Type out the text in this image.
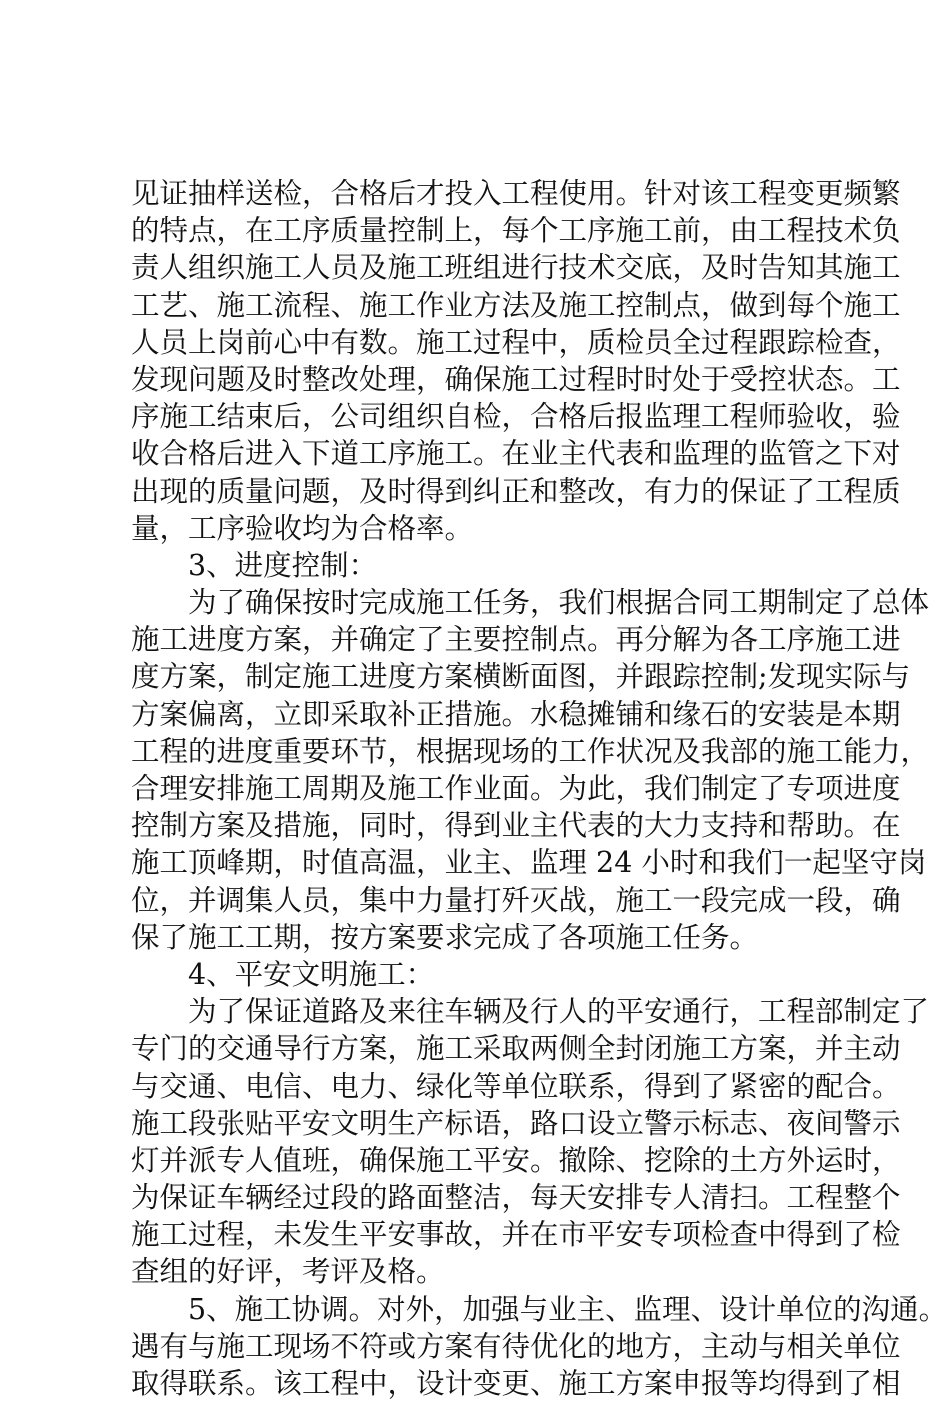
见证抽样送检，合格后才投入工程使用。针对该工程变更频繁
的特点，在工序质量控制上，每个工序施工前，由工程技术负
责人组织施工人员及施工班组进行技术交底，及时告知其施工
工艺、施工流程、施工作业方法及施工控制点，做到每个施工
人员上岗前心中有数。施工过程中，质检员全过程跟踪检查，
发现问题及时整改处理，确保施工过程时时处于受控状态。工
序施工结束后，公司组织自检，合格后报监理工程师验收，验
收合格后进入下道工序施工。在业主代表和监理的监管之下对
出现的质量问题，及时得到纠正和整改，有力的保证了工程质
量，工序验收均为合格率。
3、进度控制：
为了确保按时完成施工任务，我们根据合同工期制定了总体
施工进度方案，并确定了主要控制点。再分解为各工序施工进
度方案，制定施工进度方案横断面图，并跟踪控制;发现实际与
方案偏离，立即采取补正措施。水稳摊铺和缘石的安装是本期
工程的进度重要环节，根据现场的工作状况及我部的施工能力，
合理安排施工周期及施工作业面。为此，我们制定了专项进度
控制方案及措施，同时，得到业主代表的大力支持和帮助。在
施工顶峰期，时值高温，业主、监理 24 小时和我们一起坚守岗
位，并调集人员，集中力量打歼灭战，施工一段完成一段，确
保了施工工期，按方案要求完成了各项施工任务。
4、平安文明施工：
为了保证道路及来往车辆及行人的平安通行，工程部制定了
专门的交通导行方案，施工采取两侧全封闭施工方案，并主动
与交通、电信、电力、绿化等单位联系，得到了紧密的配合。
施工段张贴平安文明生产标语，路口设立警示标志、夜间警示
灯并派专人值班，确保施工平安。撤除、挖除的土方外运时，
为保证车辆经过段的路面整洁，每天安排专人清扫。工程整个
施工过程，未发生平安事故，并在市平安专项检查中得到了检
查组的好评，考评及格。
5、施工协调。对外，加强与业主、监理、设计单位的沟通。
遇有与施工现场不符或方案有待优化的地方，主动与相关单位
取得联系。该工程中，设计变更、施工方案申报等均得到了相
